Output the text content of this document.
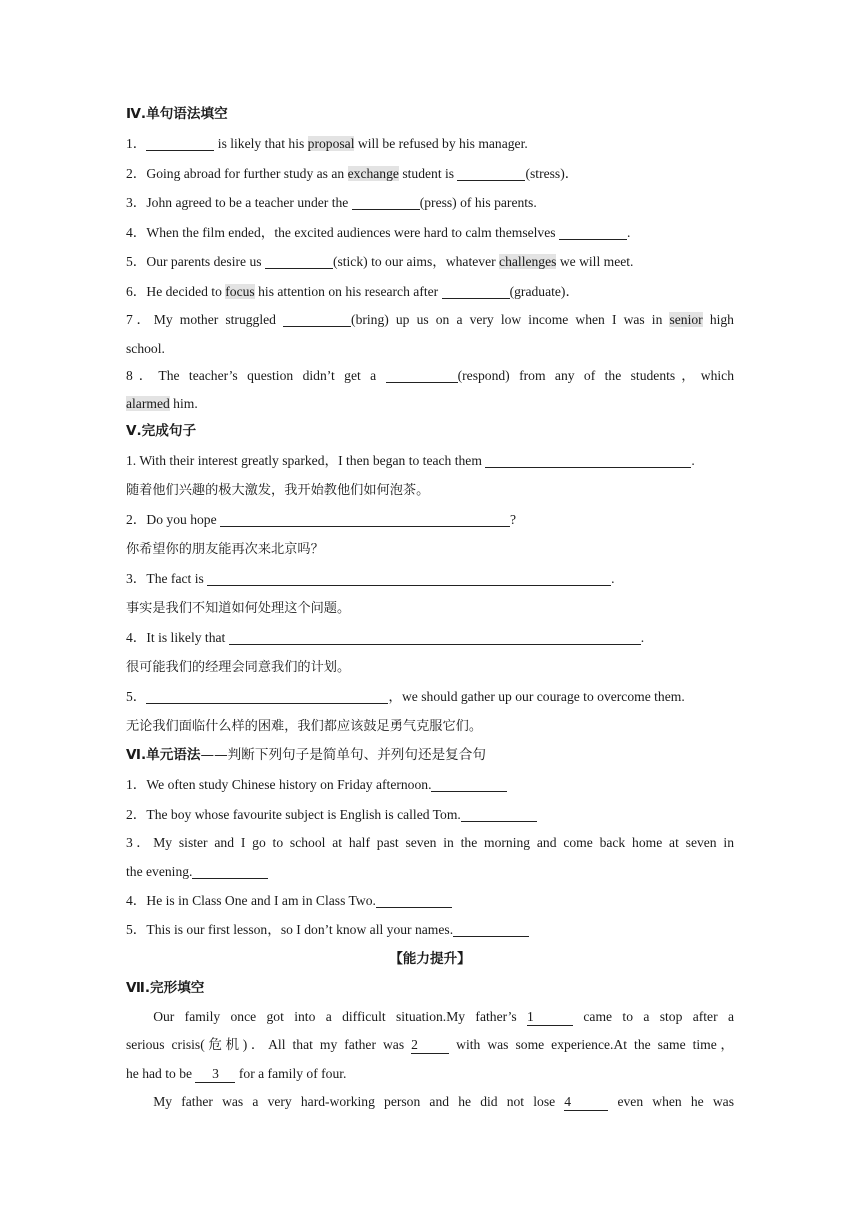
Ⅳ.单句语法填空
1．	is likely that his proposal will be refused by his manager.
2．Going abroad for further study as an exchange student is	(stress)．
3．John agreed to be a teacher under the	(press) of his parents.
4．When the film ended，the excited audiences were hard to calm themselves	.
5．Our parents desire us	(stick) to our aims，whatever challenges we will meet.
6．He decided to focus his attention on his research after	(graduate)．
7．My mother struggled	(bring) up us on a very low income when I was in senior high
school.
8．The teacher’s question didn’t get a	(respond) from any of the students，which
alarmed him.
Ⅴ.完成句子
1. With their interest greatly sparked，I then began to teach them	.
随着他们兴趣的极大激发，我开始教他们如何泡茶。
2．Do you hope	?
你希望你的朋友能再次来北京吗？
3．The fact is	.
事实是我们不知道如何处理这个问题。
4．It is likely that	.
很可能我们的经理会同意我们的计划。
5．	，we should gather up our courage to overcome them.
无论我们面临什么样的困难，我们都应该鼓足勇气克服它们。
Ⅵ.单元语法——判断下列句子是简单句、并列句还是复合句
1．We often study Chinese history on Friday afternoon.
2．The boy whose favourite subject is English is called Tom.
3．My sister and I go to school at half past seven in the morning and come back home at seven in
the evening.
4．He is in Class One and I am in Class Two.
5．This is our first lesson，so I don’t know all your names.
【能力提升】
Ⅶ.完形填空
Our family once got into a difficult situation.My father’s 1	came to a stop after a
serious crisis(危机)．All that my father was 2 with was some experience.At the same time，
he had to be 3 for a family of four.
My father was a very hard-working person and he did not lose 4	even when he was
